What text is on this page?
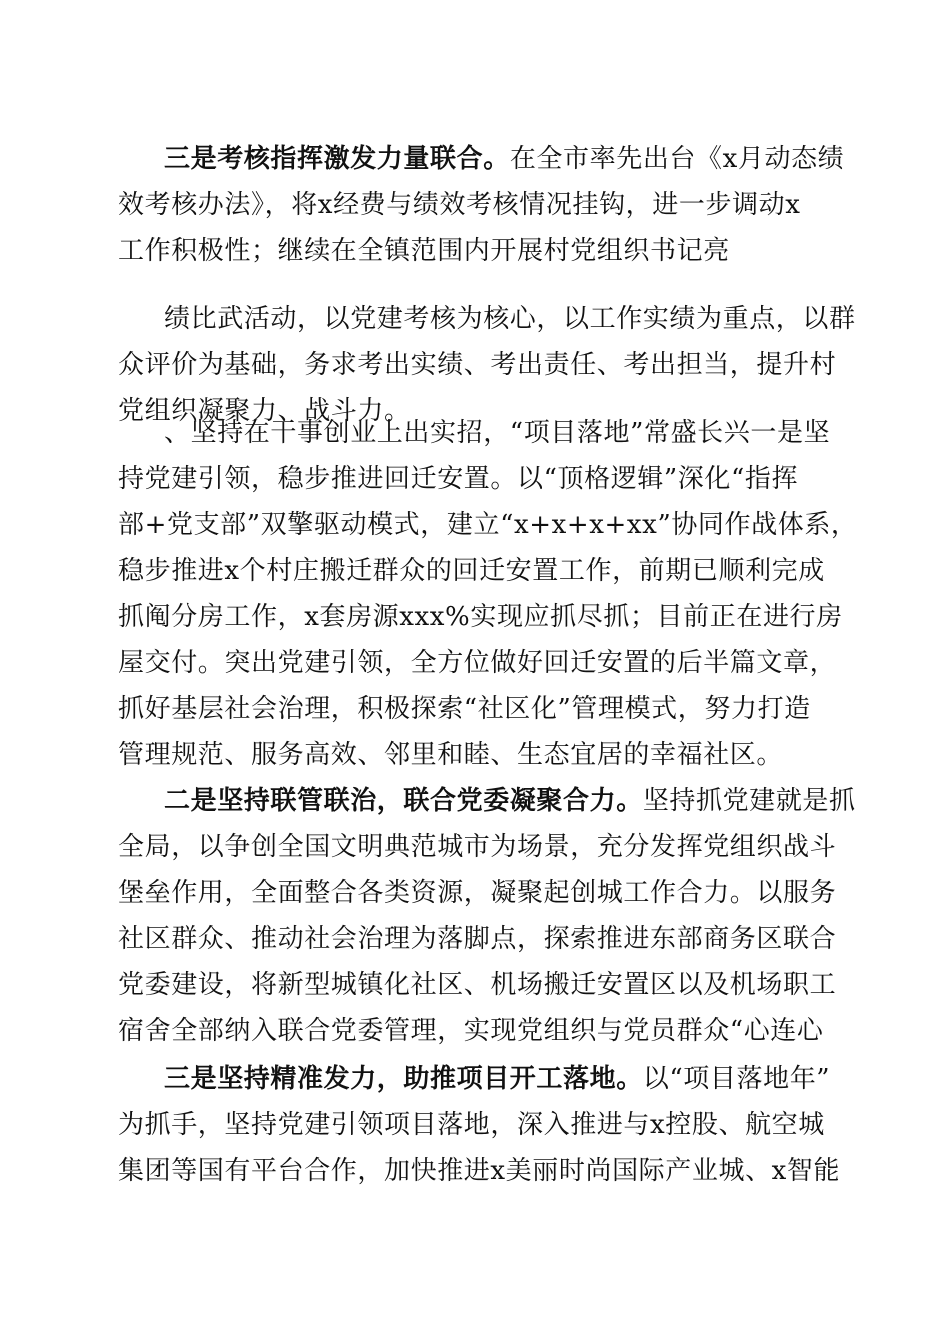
三是考核指挥激发力量联合。在全市率先出台《x月动态绩
效考核办法》，将x经费与绩效考核情况挂钩，进一步调动x
工作积极性；继续在全镇范围内开展村党组织书记亮
绩比武活动，以党建考核为核心，以工作实绩为重点，以群
众评价为基础，务求考出实绩、考出责任、考出担当，提升村
党组织凝聚力、战斗力。
、坚持在干事创业上出实招，“项目落地”常盛长兴一是坚
持党建引领，稳步推进回迁安置。以“顶格逻辑”深化“指挥
部+党支部”双擎驱动模式，建立“x+x+x+xx”协同作战体系，
稳步推进x个村庄搬迁群众的回迁安置工作，前期已顺利完成
抓阄分房工作，x套房源xxx%实现应抓尽抓；目前正在进行房
屋交付。突出党建引领，全方位做好回迁安置的后半篇文章，
抓好基层社会治理，积极探索“社区化”管理模式，努力打造
管理规范、服务高效、邻里和睦、生态宜居的幸福社区。
二是坚持联管联治，联合党委凝聚合力。坚持抓党建就是抓
全局，以争创全国文明典范城市为场景，充分发挥党组织战斗
堡垒作用，全面整合各类资源，凝聚起创城工作合力。以服务
社区群众、推动社会治理为落脚点，探索推进东部商务区联合
党委建设，将新型城镇化社区、机场搬迁安置区以及机场职工
宿舍全部纳入联合党委管理，实现党组织与党员群众“心连心
三是坚持精准发力，助推项目开工落地。以“项目落地年”
为抓手，坚持党建引领项目落地，深入推进与x控股、航空城
集团等国有平台合作，加快推进x美丽时尚国际产业城、x智能
